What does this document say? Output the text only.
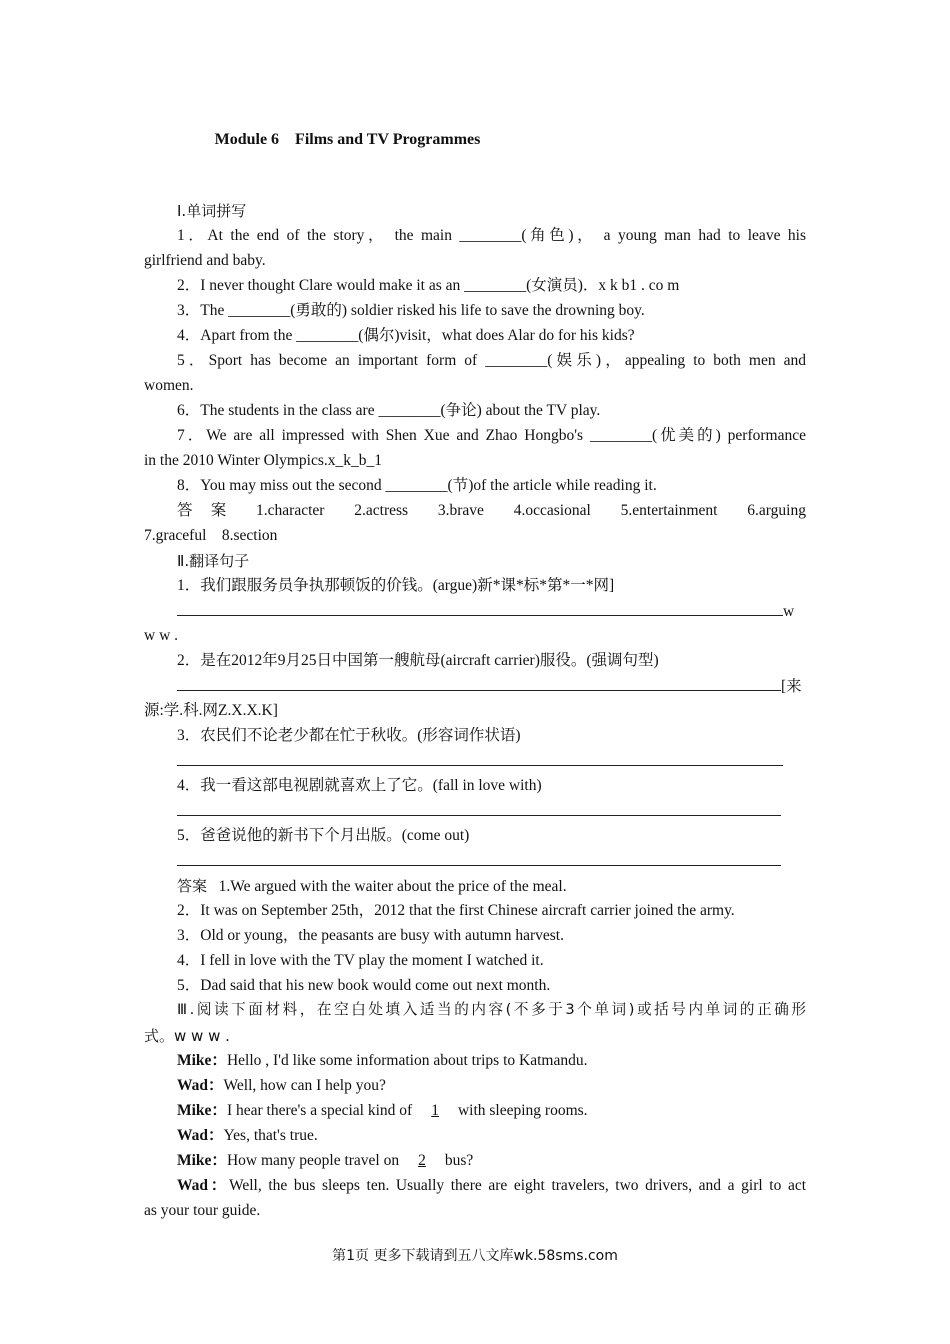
Module 6　Films and TV Programmes
Ⅰ.单词拼写
1．At the end of the story， the main ________(角色)， a young man had to leave his
girlfriend and baby.
2．I never thought Clare would make it as an ________(女演员)．x k b1 . co m
3．The ________(勇敢的) soldier risked his life to save the drowning boy.
4．Apart from the ________(偶尔)visit，what does Alar do for his kids?
5．Sport has become an important form of ________(娱乐)，appealing to both men and
women.
6．The students in the class are ________(争论) about the TV play.
7．We are all impressed with Shen Xue and Zhao Hongbo's ________(优美的) performance
in the 2010 Winter Olympics.x_k_b_1
8．You may miss out the second ________(节)of the article while reading it.
答 案　1.character　2.actress　3.brave　4.occasional　5.entertainment　6.arguing
7.graceful　8.section
Ⅱ.翻译句子
1．我们跟服务员争执那顿饭的价钱。(argue)新*课*标*第*一*网]
w
w w .
2．是在2012年9月25日中国第一艘航母(aircraft carrier)服役。(强调句型)
[来
源:学.科.网Z.X.X.K]
3．农民们不论老少都在忙于秋收。(形容词作状语)
4．我一看这部电视剧就喜欢上了它。(fall in love with)
5．爸爸说他的新书下个月出版。(come out)
答案 1.We argued with the waiter about the price of the meal.
2．It was on September 25th，2012 that the first Chinese aircraft carrier joined the army.
3．Old or young，the peasants are busy with autumn harvest.
4．I fell in love with the TV play the moment I watched it.
5．Dad said that his new book would come out next month.
Ⅲ.阅读下面材料，在空白处填入适当的内容(不多于3个单词)或括号内单词的正确形
式。w w w .
Mike：Hello , I'd like some information about trips to Katmandu.
Wad：Well, how can I help you?
Mike：I hear there's a special kind of 1 with sleeping rooms.
Wad：Yes, that's true.
Mike：How many people travel on 2 bus?
Wad：Well, the bus sleeps ten. Usually there are eight travelers, two drivers, and a girl to act
as your tour guide.
第1页 更多下载请到五八文库wk.58sms.com
